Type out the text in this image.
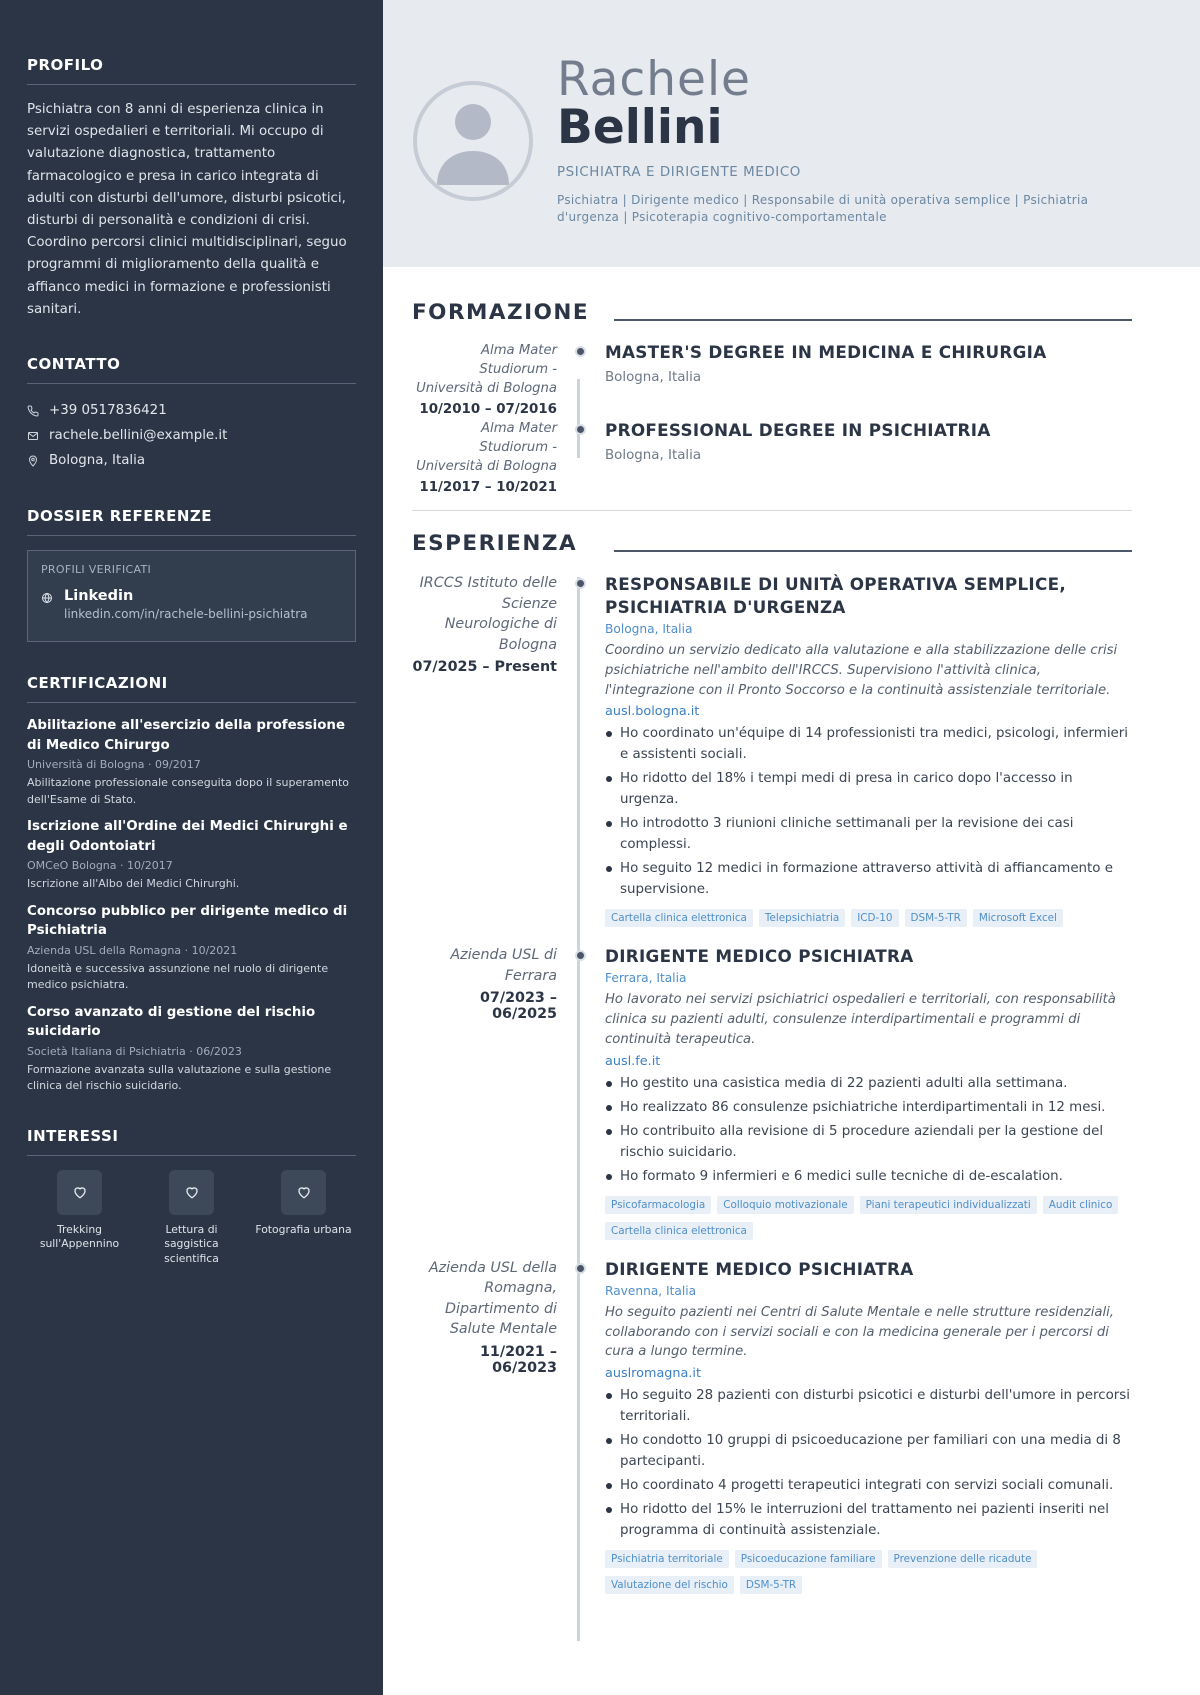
PROFILO

Psichiatra con 8 anni di esperienza clinica in servizi ospedalieri e territoriali. Mi occupo di valutazione diagnostica, trattamento farmacologico e presa in carico integrata di adulti con disturbi dell'umore, disturbi psicotici, disturbi di personalità e condizioni di crisi. Coordino percorsi clinici multidisciplinari, seguo programmi di miglioramento della qualità e affianco medici in formazione e professionisti sanitari.

CONTATTO
+39 0517836421
rachele.bellini@example.it
Bologna, Italia
DOSSIER REFERENZE
PROFILI VERIFICATI
Linkedin
linkedin.com/in/rachele-bellini-psichiatra
CERTIFICAZIONI
Abilitazione all'esercizio della professione di Medico Chirurgo
Università di Bologna · 09/2017
Abilitazione professionale conseguita dopo il superamento dell'Esame di Stato.
Iscrizione all'Ordine dei Medici Chirurghi e degli Odontoiatri
OMCeO Bologna · 10/2017
Iscrizione all'Albo dei Medici Chirurghi.
Concorso pubblico per dirigente medico di Psichiatria
Azienda USL della Romagna · 10/2021
Idoneità e successiva assunzione nel ruolo di dirigente medico psichiatra.
Corso avanzato di gestione del rischio suicidario
Società Italiana di Psichiatria · 06/2023
Formazione avanzata sulla valutazione e sulla gestione clinica del rischio suicidario.
INTERESSI
Trekking sull'Appennino
Lettura di saggistica scientifica
Fotografia urbana
Rachele
Bellini
PSICHIATRA E DIRIGENTE MEDICO
Psichiatra | Dirigente medico | Responsabile di unità operativa semplice | Psichiatria d'urgenza | Psicoterapia cognitivo-comportamentale
FORMAZIONE
Alma Mater Studiorum - Università di Bologna
10/2010 – 07/2016
MASTER'S DEGREE IN MEDICINA E CHIRURGIA
Bologna, Italia
Alma Mater Studiorum - Università di Bologna
11/2017 – 10/2021
PROFESSIONAL DEGREE IN PSICHIATRIA
Bologna, Italia
ESPERIENZA
IRCCS Istituto delle Scienze Neurologiche di Bologna
07/2025 – Present
RESPONSABILE DI UNITÀ OPERATIVA SEMPLICE, PSICHIATRIA D'URGENZA
Bologna, Italia
Coordino un servizio dedicato alla valutazione e alla stabilizzazione delle crisi psichiatriche nell'ambito dell'IRCCS. Supervisiono l'attività clinica, l'integrazione con il Pronto Soccorso e la continuità assistenziale territoriale.
ausl.bologna.it
Ho coordinato un'équipe di 14 professionisti tra medici, psicologi, infermieri e assistenti sociali.
Ho ridotto del 18% i tempi medi di presa in carico dopo l'accesso in urgenza.
Ho introdotto 3 riunioni cliniche settimanali per la revisione dei casi complessi.
Ho seguito 12 medici in formazione attraverso attività di affiancamento e supervisione.
Cartella clinica elettronica	Telepsichiatria	ICD-10	DSM-5-TR	Microsoft Excel
Azienda USL di Ferrara
07/2023 – 06/2025
DIRIGENTE MEDICO PSICHIATRA
Ferrara, Italia
Ho lavorato nei servizi psichiatrici ospedalieri e territoriali, con responsabilità clinica su pazienti adulti, consulenze interdipartimentali e programmi di continuità terapeutica.
ausl.fe.it
Ho gestito una casistica media di 22 pazienti adulti alla settimana.
Ho realizzato 86 consulenze psichiatriche interdipartimentali in 12 mesi.
Ho contribuito alla revisione di 5 procedure aziendali per la gestione del rischio suicidario.
Ho formato 9 infermieri e 6 medici sulle tecniche di de-escalation.
Psicofarmacologia	Colloquio motivazionale	Piani terapeutici individualizzati	Audit clinico
Cartella clinica elettronica
Azienda USL della Romagna, Dipartimento di Salute Mentale
11/2021 – 06/2023
DIRIGENTE MEDICO PSICHIATRA
Ravenna, Italia
Ho seguito pazienti nei Centri di Salute Mentale e nelle strutture residenziali, collaborando con i servizi sociali e con la medicina generale per i percorsi di cura a lungo termine.
auslromagna.it
Ho seguito 28 pazienti con disturbi psicotici e disturbi dell'umore in percorsi territoriali.
Ho condotto 10 gruppi di psicoeducazione per familiari con una media di 8 partecipanti.
Ho coordinato 4 progetti terapeutici integrati con servizi sociali comunali.
Ho ridotto del 15% le interruzioni del trattamento nei pazienti inseriti nel programma di continuità assistenziale.
Psichiatria territoriale	Psicoeducazione familiare	Prevenzione delle ricadute
Valutazione del rischio	DSM-5-TR
